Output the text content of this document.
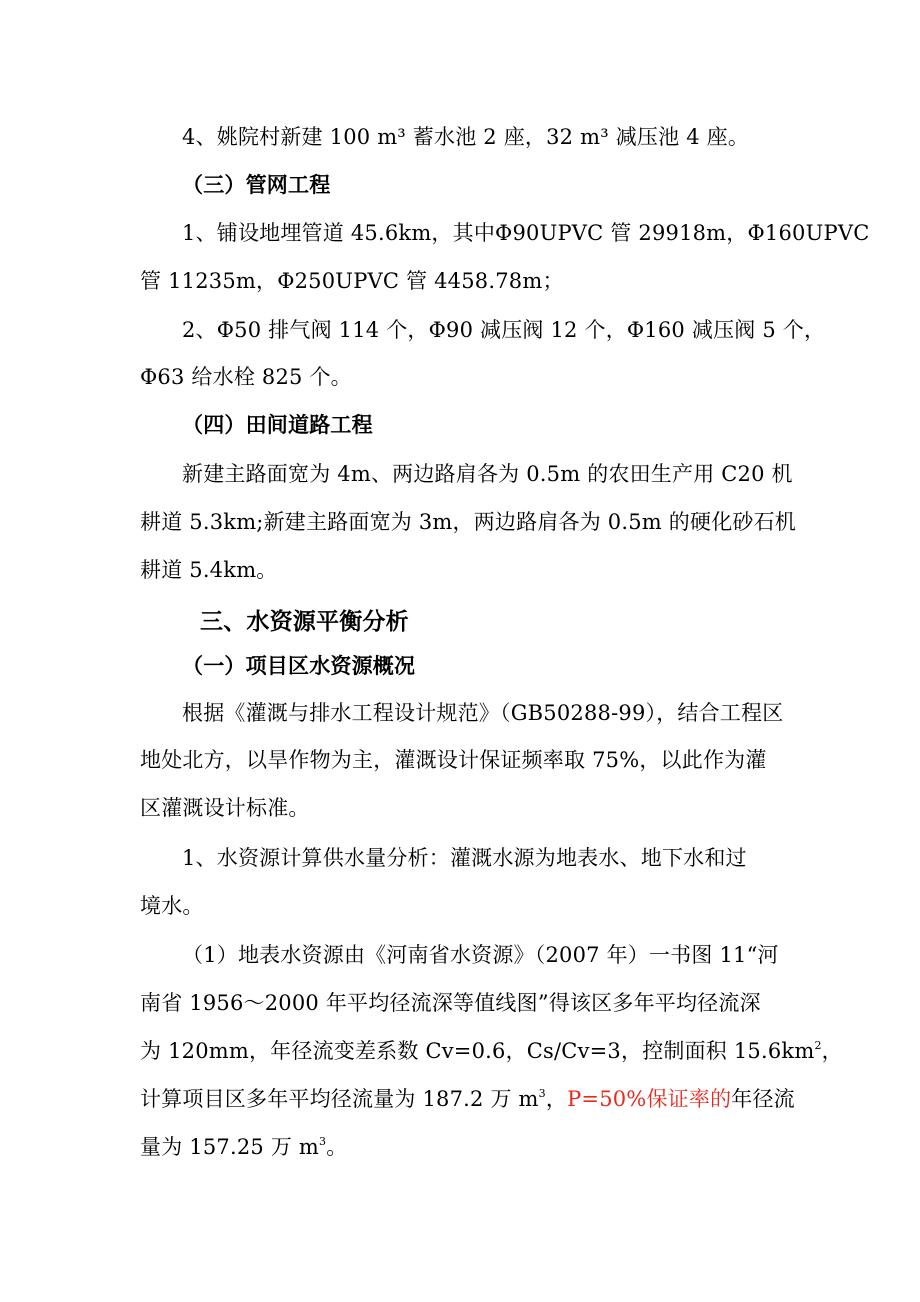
4、姚院村新建 100 m³ 蓄水池 2 座，32 m³ 减压池 4 座。
（三）管网工程
1、铺设地埋管道 45.6km，其中Φ90UPVC 管 29918m，Φ160UPVC
管 11235m，Φ250UPVC 管 4458.78m；
2、Φ50 排气阀 114 个，Φ90 减压阀 12 个，Φ160 减压阀 5 个，
Φ63 给水栓 825 个。
（四）田间道路工程
新建主路面宽为 4m、两边路肩各为 0.5m 的农田生产用 C20 机
耕道 5.3km;新建主路面宽为 3m，两边路肩各为 0.5m 的硬化砂石机
耕道 5.4km。
三、水资源平衡分析
（一）项目区水资源概况
根据《灌溉与排水工程设计规范》（GB50288-99），结合工程区
地处北方，以旱作物为主，灌溉设计保证频率取 75%，以此作为灌
区灌溉设计标准。
1、水资源计算供水量分析：灌溉水源为地表水、地下水和过
境水。
（1）地表水资源由《河南省水资源》（2007 年）一书图 11“河
南省 1956～2000 年平均径流深等值线图”得该区多年平均径流深
为 120mm，年径流变差系数 Cv=0.6，Cs/Cv=3，控制面积 $15.6km^2$，
计算项目区多年平均径流量为 187.2 万 $m^3$，P=50%保证率的年径流
量为 157.25 万 $m^3$。
